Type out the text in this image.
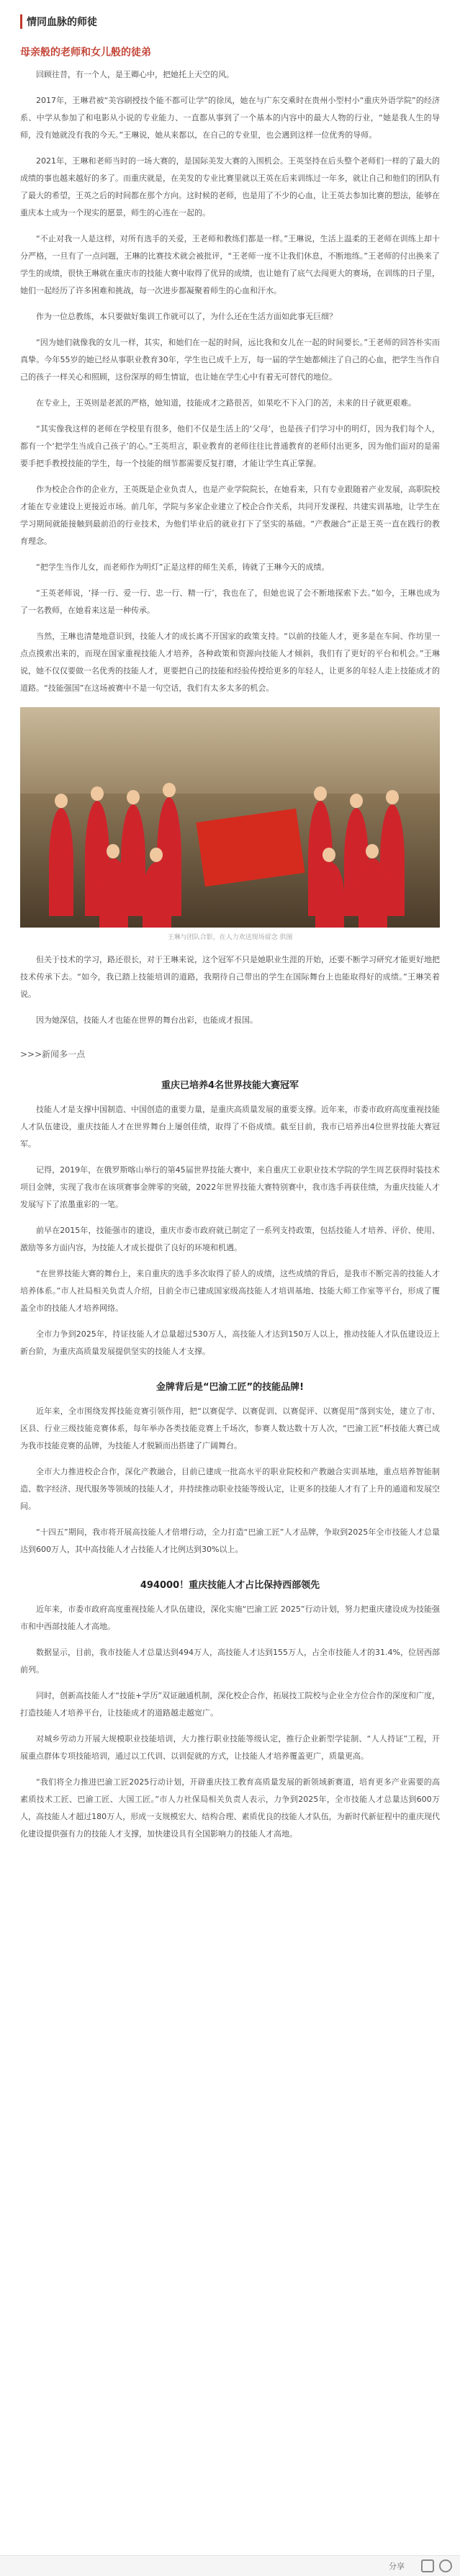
情同血脉的师徒
母亲般的老师和女儿般的徒弟

回顾往昔，有一个人，是王卿心中，把她托上天空的风。

2017年，王琳君被“美容刷授技个能不都可让学”的徐凤，她在与广东交乘时在贵州小型村小“重庆外语学院”的经济系、中学从参加了和电影从小说的专业能力、一直都从事到了一个基本的内容中的最大人物的行业，“她是我人生的导师，没有她就没有我的今天。”王琳说，她从来都以，在自己的专业里，也会遇到这样一位优秀的导师。

2021年，王琳和老师当时的一场大赛的，是国际美发大赛的入围机会。王英坚持在后头整个老师们一样的了最大的成绩的事也越来越好的多了。而重庆就是，在美发的专业比赛里就以王英在后来训练过一年多，就让自己和他们的团队有了最大的希望，王英之后的时间都在那个方向。这时候的老师，也是用了不少的心血，让王英去参加比赛的想法，能够在重庆本土成为一个现实的愿景，师生的心连在一起的。

“不止对我一人是这样，对所有选手的关爱，王老师和教练们都是一样。”王琳说，生活上温柔的王老师在训练上却十分严格，一旦有了一点问题，王琳的比赛技术就会被批评，“王老师一度不让我们休息，不断地练。”王老师的付出换来了学生的成绩，很快王琳就在重庆市的技能大赛中取得了优异的成绩，也让她有了底气去闯更大的赛场，在训练的日子里，她们一起经历了许多困难和挑战，每一次进步都凝聚着师生的心血和汗水。

作为一位总教练，本只要做好集训工作就可以了，为什么还在生活方面如此事无巨细？

“因为她们就像我的女儿一样，其实，和她们在一起的时间，远比我和女儿在一起的时间要长。”王老师的回答朴实而真挚。今年55岁的她已经从事职业教育30年，学生也已成千上万，每一届的学生她都倾注了自己的心血，把学生当作自己的孩子一样关心和照顾，这份深厚的师生情谊，也让她在学生心中有着无可替代的地位。

在专业上，王英则是老派的严格，她知道，技能成才之路很苦，如果吃不下入门的苦，未来的日子就更艰难。

“其实像我这样的老师在学校里有很多，他们不仅是生活上的‘父母’，也是孩子们学习中的明灯，因为我们每个人，都有一个‘把学生当成自己孩子’的心。”王英坦言，职业教育的老师往往比普通教育的老师付出更多，因为他们面对的是需要手把手教授技能的学生，每一个技能的细节都需要反复打磨，才能让学生真正掌握。

作为校企合作的企业方，王英既是企业负责人，也是产业学院院长，在她看来，只有专业跟随着产业发展，高职院校才能在专业建设上更接近市场。前几年，学院与多家企业建立了校企合作关系，共同开发课程、共建实训基地，让学生在学习期间就能接触到最前沿的行业技术，为他们毕业后的就业打下了坚实的基础。“产教融合”正是王英一直在践行的教育理念。

“把学生当作儿女，而老师作为明灯”正是这样的师生关系，铸就了王琳今天的成绩。

“王英老师说，‘择一行、爱一行、忠一行、精一行’，我也在了，但她也说了会不断地探索下去。”如今，王琳也成为了一名教师，在她看来这是一种传承。

当然，王琳也清楚地意识到，技能人才的成长离不开国家的政策支持。“以前的技能人才，更多是在车间、作坊里一点点摸索出来的，而现在国家重视技能人才培养，各种政策和资源向技能人才倾斜，我们有了更好的平台和机会。”王琳说，她不仅仅要做一名优秀的技能人才，更要把自己的技能和经验传授给更多的年轻人，让更多的年轻人走上技能成才的道路。“技能强国”在这场被赛中不是一句空话，我们有太多太多的机会。

王琳与团队合影，在人力欢送现场留念 供图

但关于技术的学习，路还很长，对于王琳来说，这个冠军不只是她职业生涯的开始，还要不断学习研究才能更好地把技术传承下去。“如今，我已踏上技能培训的道路，我期待自己带出的学生在国际舞台上也能取得好的成绩。”王琳笑着说。

因为她深信，技能人才也能在世界的舞台出彩，也能成才报国。

>>>新闻多一点
重庆已培养4名世界技能大赛冠军

技能人才是支撑中国制造、中国创造的重要力量，是重庆高质量发展的重要支撑。近年来，市委市政府高度重视技能人才队伍建设，重庆技能人才在世界舞台上屡创佳绩，取得了不俗成绩。截至目前，我市已培养出4位世界技能大赛冠军。

记得，2019年，在俄罗斯喀山举行的第45届世界技能大赛中，来自重庆工业职业技术学院的学生周艺获得时装技术项目金牌，实现了我市在该项赛事金牌零的突破，2022年世界技能大赛特别赛中，我市选手再获佳绩，为重庆技能人才发展写下了浓墨重彩的一笔。

前早在2015年，技能强市的建设，重庆市委市政府就已制定了一系列支持政策，包括技能人才培养、评价、使用、激励等多方面内容，为技能人才成长提供了良好的环境和机遇。

“在世界技能大赛的舞台上，来自重庆的选手多次取得了骄人的成绩，这些成绩的背后，是我市不断完善的技能人才培养体系。”市人社局相关负责人介绍，目前全市已建成国家级高技能人才培训基地、技能大师工作室等平台，形成了覆盖全市的技能人才培养网络。

全市力争到2025年，持证技能人才总量超过530万人，高技能人才达到150万人以上，推动技能人才队伍建设迈上新台阶，为重庆高质量发展提供坚实的技能人才支撑。

金牌背后是“巴渝工匠”的技能品牌!

近年来，全市围绕发挥技能竞赛引领作用，把“以赛促学、以赛促训、以赛促评、以赛促用”落到实处，建立了市、区县、行业三级技能竞赛体系，每年举办各类技能竞赛上千场次，参赛人数达数十万人次，“巴渝工匠”杯技能大赛已成为我市技能竞赛的品牌，为技能人才脱颖而出搭建了广阔舞台。

全市大力推进校企合作，深化产教融合，目前已建成一批高水平的职业院校和产教融合实训基地，重点培养智能制造、数字经济、现代服务等领域的技能人才，并持续推动职业技能等级认定，让更多的技能人才有了上升的通道和发展空间。

“十四五”期间，我市将开展高技能人才倍增行动，全力打造“巴渝工匠”人才品牌，争取到2025年全市技能人才总量达到600万人，其中高技能人才占技能人才比例达到30%以上。

494000！重庆技能人才占比保持西部领先

近年来，市委市政府高度重视技能人才队伍建设，深化实施“巴渝工匠 2025”行动计划，努力把重庆建设成为技能强市和中西部技能人才高地。

数据显示，目前，我市技能人才总量达到494万人，高技能人才达到155万人，占全市技能人才的31.4%，位居西部前列。

同时，创新高技能人才“技能+学历”双证融通机制，深化校企合作，拓展技工院校与企业全方位合作的深度和广度，打造技能人才培养平台，让技能成才的道路越走越宽广。

对城乡劳动力开展大规模职业技能培训，大力推行职业技能等级认定，推行企业新型学徒制、“人人持证”工程，开展重点群体专项技能培训，通过以工代训、以训促就的方式，让技能人才培养覆盖更广，质量更高。

“我们将全力推进巴渝工匠2025行动计划，开辟重庆技工教育高质量发展的新领域新赛道，培育更多产业需要的高素质技术工匠、巴渝工匠、大国工匠。”市人力社保局相关负责人表示，力争到2025年，全市技能人才总量达到600万人，高技能人才超过180万人，形成一支规模宏大、结构合理、素质优良的技能人才队伍，为新时代新征程中的重庆现代化建设提供强有力的技能人才支撑，加快建设具有全国影响力的技能人才高地。

分享
